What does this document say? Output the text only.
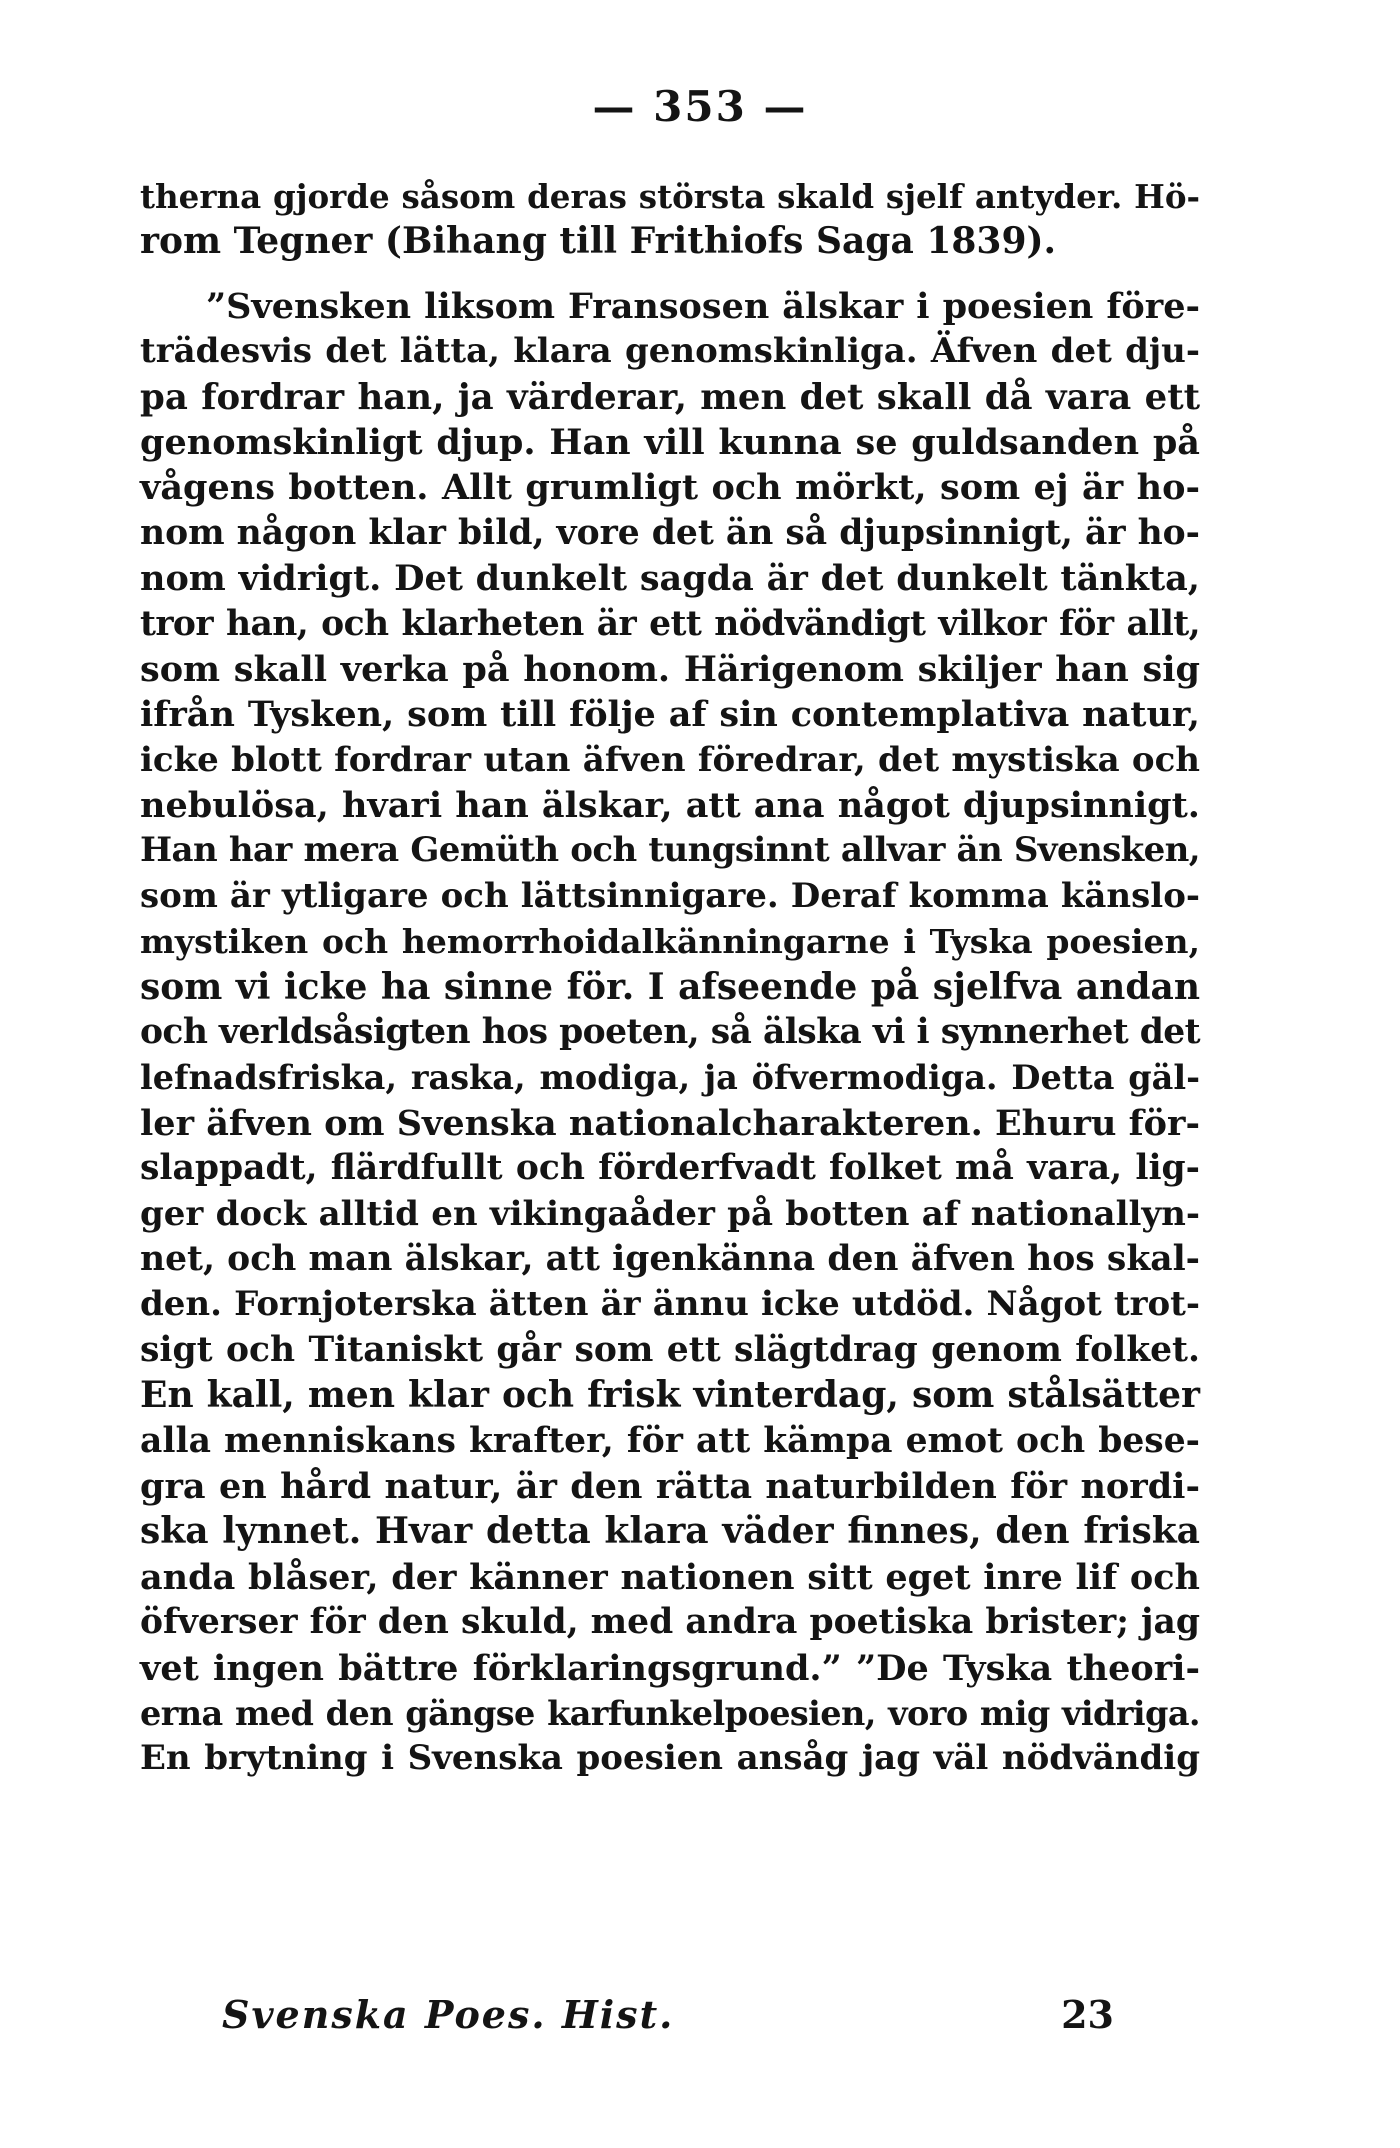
— 353 —
therna gjorde såsom deras största skald sjelf antyder. Hö-
rom Tegner (Bihang till Frithiofs Saga 1839).
”Svensken liksom Fransosen älskar i poesien före-
trädesvis det lätta, klara genomskinliga. Äfven det dju-
pa fordrar han, ja värderar, men det skall då vara ett
genomskinligt djup. Han vill kunna se guldsanden på
vågens botten. Allt grumligt och mörkt, som ej är ho-
nom någon klar bild, vore det än så djupsinnigt, är ho-
nom vidrigt. Det dunkelt sagda är det dunkelt tänkta,
tror han, och klarheten är ett nödvändigt vilkor för allt,
som skall verka på honom. Härigenom skiljer han sig
ifrån Tysken, som till följe af sin contemplativa natur,
icke blott fordrar utan äfven föredrar, det mystiska och
nebulösa, hvari han älskar, att ana något djupsinnigt.
Han har mera Gemüth och tungsinnt allvar än Svensken,
som är ytligare och lättsinnigare. Deraf komma känslo-
mystiken och hemorrhoidalkänningarne i Tyska poesien,
som vi icke ha sinne för. I afseende på sjelfva andan
och verldsåsigten hos poeten, så älska vi i synnerhet det
lefnadsfriska, raska, modiga, ja öfvermodiga. Detta gäl-
ler äfven om Svenska nationalcharakteren. Ehuru för-
slappadt, flärdfullt och förderfvadt folket må vara, lig-
ger dock alltid en vikingaåder på botten af nationallyn-
net, och man älskar, att igenkänna den äfven hos skal-
den. Fornjoterska ätten är ännu icke utdöd. Något trot-
sigt och Titaniskt går som ett slägtdrag genom folket.
En kall, men klar och frisk vinterdag, som stålsätter
alla menniskans krafter, för att kämpa emot och bese-
gra en hård natur, är den rätta naturbilden för nordi-
ska lynnet. Hvar detta klara väder finnes, den friska
anda blåser, der känner nationen sitt eget inre lif och
öfverser för den skuld, med andra poetiska brister; jag
vet ingen bättre förklaringsgrund.” ”De Tyska theori-
erna med den gängse karfunkelpoesien, voro mig vidriga.
En brytning i Svenska poesien ansåg jag väl nödvändig
Svenska Poes. Hist.	23
